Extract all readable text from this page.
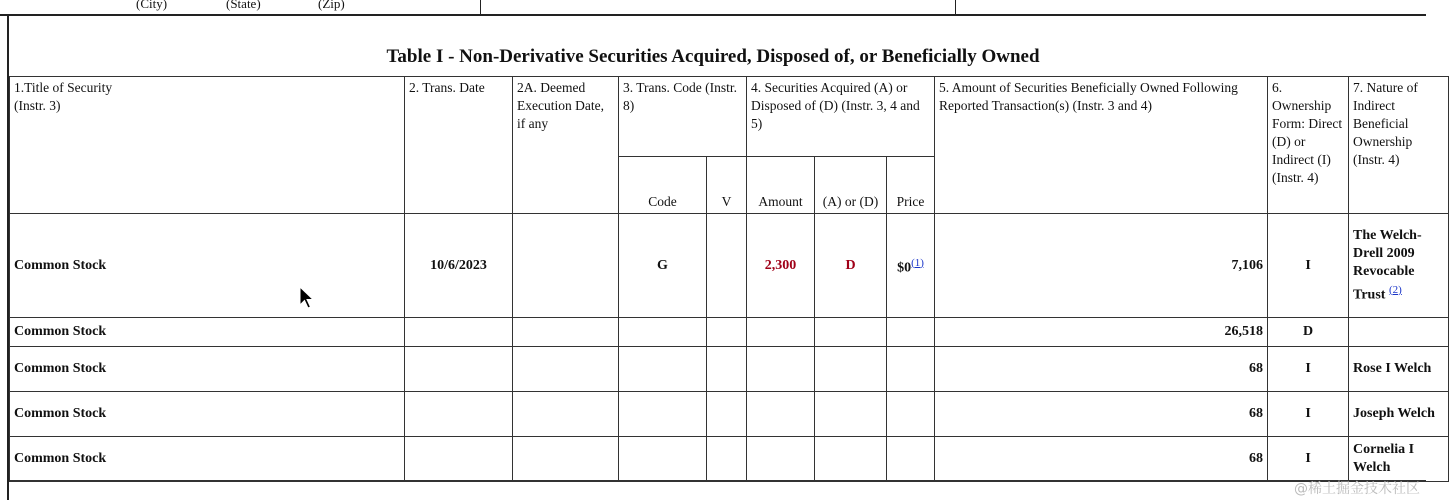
(City)	(State)	(Zip)
Table I - Non-Derivative Securities Acquired, Disposed of, or Beneficially Owned
1.Title of Security
(Instr. 3)	2. Trans. Date	2A. Deemed Execution Date, if any	3. Trans. Code (Instr. 8)		4. Securities Acquired (A) or Disposed of (D) (Instr. 3, 4 and 5)			5. Amount of Securities Beneficially Owned Following Reported Transaction(s) (Instr. 3 and 4)	6. Ownership Form: Direct (D) or Indirect (I) (Instr. 4)	7. Nature of Indirect Beneficial Ownership (Instr. 4)
			Code	V	Amount	(A) or (D)	Price			
Common Stock	10/6/2023		G		2,300	D	$0$^{(1)}$	7,106	I	The Welch-Drell 2009 Revocable Trust $^{(2)}$
Common Stock								26,518	D	
Common Stock								68	I	Rose I Welch
Common Stock								68	I	Joseph Welch
Common Stock								68	I	Cornelia I Welch
@稀土掘金技术社区
